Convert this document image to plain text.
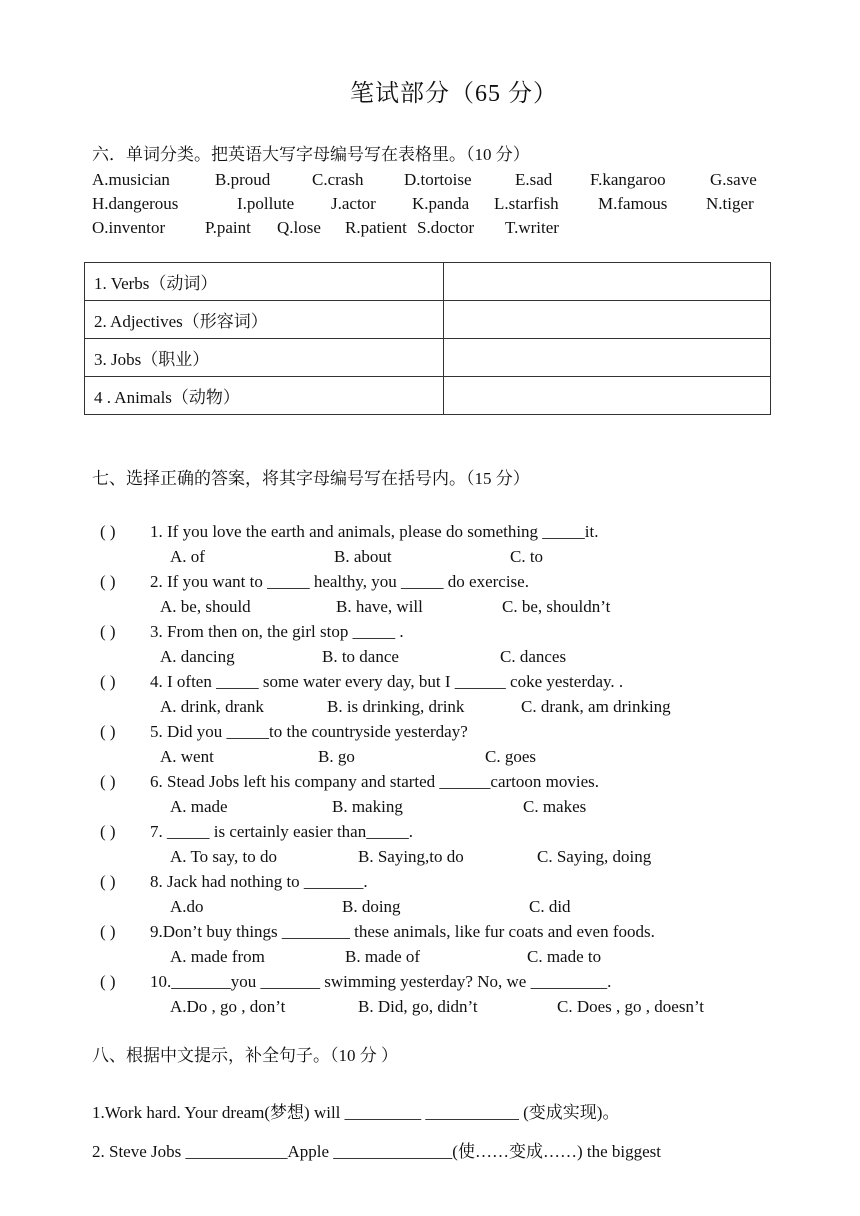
笔试部分（65 分）
六．单词分类。把英语大写字母编号写在表格里。（10 分）
A.musician	B.proud C.crash D.tortoise	E.sad F.kangaroo	G.save
H.dangerous	I.pollute J.actor K.panda L.starfish M.famous N.tiger
O.inventor P.paint Q.lose R.patient S.doctor T.writer
1. Verbs（动词）	
2. Adjectives（形容词）	
3. Jobs（职业）	
4 . Animals（动物）	
七、选择正确的答案，将其字母编号写在括号内。（15 分）
( ) 1. If you love the earth and animals, please do something _____it.
A. of	B. about	C. to
( ) 2. If you want to _____ healthy, you _____ do exercise.
A. be, should	B. have, will	C. be, shouldn’t
( ) 3. From then on, the girl stop _____ .
A. dancing	B. to dance	C. dances
( ) 4. I often _____ some water every day, but I ______ coke yesterday. .
A. drink, drank	B. is drinking, drink	C. drank, am drinking
( ) 5. Did you _____to the countryside yesterday?
A. went	B. go	C. goes
( ) 6. Stead Jobs left his company and started ______cartoon movies.
A. made	B. making	C. makes
( ) 7. _____ is certainly easier than_____.
A. To say, to do	B. Saying,to do	C. Saying, doing
( ) 8. Jack had nothing to _______.
A.do	B. doing	C. did
( ) 9.Don’t buy things ________ these animals, like fur coats and even foods.
A. made from	B. made of	C. made to
( ) 10._______you _______ swimming yesterday? No, we _________.
A.Do , go , don’t	B. Did, go, didn’t	C. Does , go , doesn’t
八、根据中文提示，补全句子。（10 分 ）
1.Work hard. Your dream(梦想) will _________ ___________ (变成实现)。
2. Steve Jobs ____________Apple ______________(使……变成……) the biggest
